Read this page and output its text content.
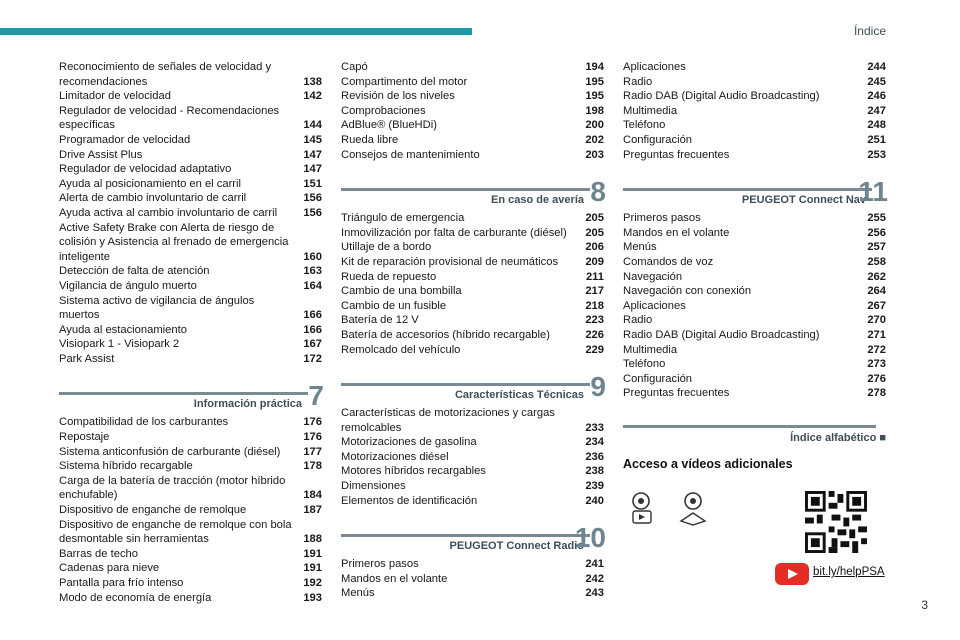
Índice
Reconocimiento de señales de velocidad y recomendaciones	138
Limitador de velocidad	142
Regulador de velocidad - Recomendaciones específicas	144
Programador de velocidad	145
Drive Assist Plus	147
Regulador de velocidad adaptativo	147
Ayuda al posicionamiento en el carril	151
Alerta de cambio involuntario de carril	156
Ayuda activa al cambio involuntario de carril	156
Active Safety Brake con Alerta de riesgo de colisión y Asistencia al frenado de emergencia inteligente	160
Detección de falta de atención	163
Vigilancia de ángulo muerto	164
Sistema activo de vigilancia de ángulos muertos	166
Ayuda al estacionamiento	166
Visiopark 1 - Visiopark 2	167
Park Assist	172
Información práctica 7
Compatibilidad de los carburantes	176
Repostaje	176
Sistema anticonfusión de carburante (diésel)	177
Sistema híbrido recargable	178
Carga de la batería de tracción (motor híbrido enchufable)	184
Dispositivo de enganche de remolque	187
Dispositivo de enganche de remolque con bola desmontable sin herramientas	188
Barras de techo	191
Cadenas para nieve	191
Pantalla para frío intenso	192
Modo de economía de energía	193
Capó	194
Compartimento del motor	195
Revisión de los niveles	195
Comprobaciones	198
AdBlue® (BlueHDi)	200
Rueda libre	202
Consejos de mantenimiento	203
En caso de avería 8
Triángulo de emergencia	205
Inmovilización por falta de carburante (diésel)	205
Utillaje de a bordo	206
Kit de reparación provisional de neumáticos	209
Rueda de repuesto	211
Cambio de una bombilla	217
Cambio de un fusible	218
Batería de 12 V	223
Batería de accesorios (híbrido recargable)	226
Remolcado del vehículo	229
Características Técnicas 9
Características de motorizaciones y cargas remolcables	233
Motorizaciones de gasolina	234
Motorizaciones diésel	236
Motores híbridos recargables	238
Dimensiones	239
Elementos de identificación	240
PEUGEOT Connect Radio
10
Primeros pasos	241
Mandos en el volante	242
Menús	243
Aplicaciones	244
Radio	245
Radio DAB (Digital Audio Broadcasting)	246
Multimedia	247
Teléfono	248
Configuración	251
Preguntas frecuentes	253
PEUGEOT Connect Nav
11
Primeros pasos	255
Mandos en el volante	256
Menús	257
Comandos de voz	258
Navegación	262
Navegación con conexión	264
Aplicaciones	267
Radio	270
Radio DAB (Digital Audio Broadcasting)	271
Multimedia	272
Teléfono	273
Configuración	276
Preguntas frecuentes	278
Índice alfabético ■
Acceso a vídeos adicionales
bit.ly/helpPSA
3
